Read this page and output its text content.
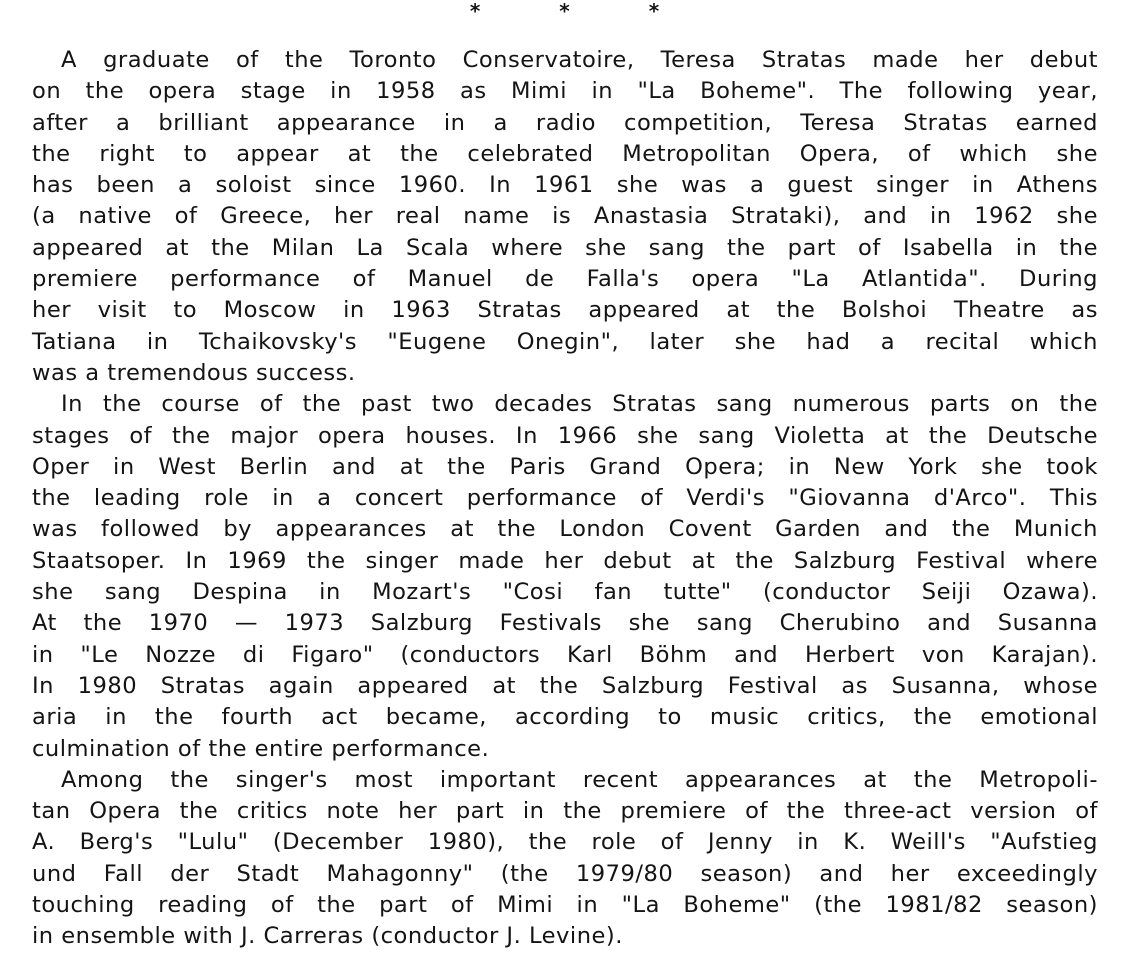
* * *
A graduate of the Toronto Conservatoire, Teresa Stratas made her debut
on the opera stage in 1958 as Mimi in "La Boheme". The following year,
after a brilliant appearance in a radio competition, Teresa Stratas earned
the right to appear at the celebrated Metropolitan Opera, of which she
has been a soloist since 1960. In 1961 she was a guest singer in Athens
(a native of Greece, her real name is Anastasia Strataki), and in 1962 she
appeared at the Milan La Scala where she sang the part of Isabella in the
premiere performance of Manuel de Falla's opera "La Atlantida". During
her visit to Moscow in 1963 Stratas appeared at the Bolshoi Theatre as
Tatiana in Tchaikovsky's "Eugene Onegin", later she had a recital which
was a tremendous success.
In the course of the past two decades Stratas sang numerous parts on the
stages of the major opera houses. In 1966 she sang Violetta at the Deutsche
Oper in West Berlin and at the Paris Grand Opera; in New York she took
the leading role in a concert performance of Verdi's "Giovanna d'Arco". This
was followed by appearances at the London Covent Garden and the Munich
Staatsoper. In 1969 the singer made her debut at the Salzburg Festival where
she sang Despina in Mozart's "Cosi fan tutte" (conductor Seiji Ozawa).
At the 1970 — 1973 Salzburg Festivals she sang Cherubino and Susanna
in "Le Nozze di Figaro" (conductors Karl Böhm and Herbert von Karajan).
In 1980 Stratas again appeared at the Salzburg Festival as Susanna, whose
aria in the fourth act became, according to music critics, the emotional
culmination of the entire performance.
Among the singer's most important recent appearances at the Metropoli-
tan Opera the critics note her part in the premiere of the three-act version of
A. Berg's "Lulu" (December 1980), the role of Jenny in K. Weill's "Aufstieg
und Fall der Stadt Mahagonny" (the 1979/80 season) and her exceedingly
touching reading of the part of Mimi in "La Boheme" (the 1981/82 season)
in ensemble with J. Carreras (conductor J. Levine).
